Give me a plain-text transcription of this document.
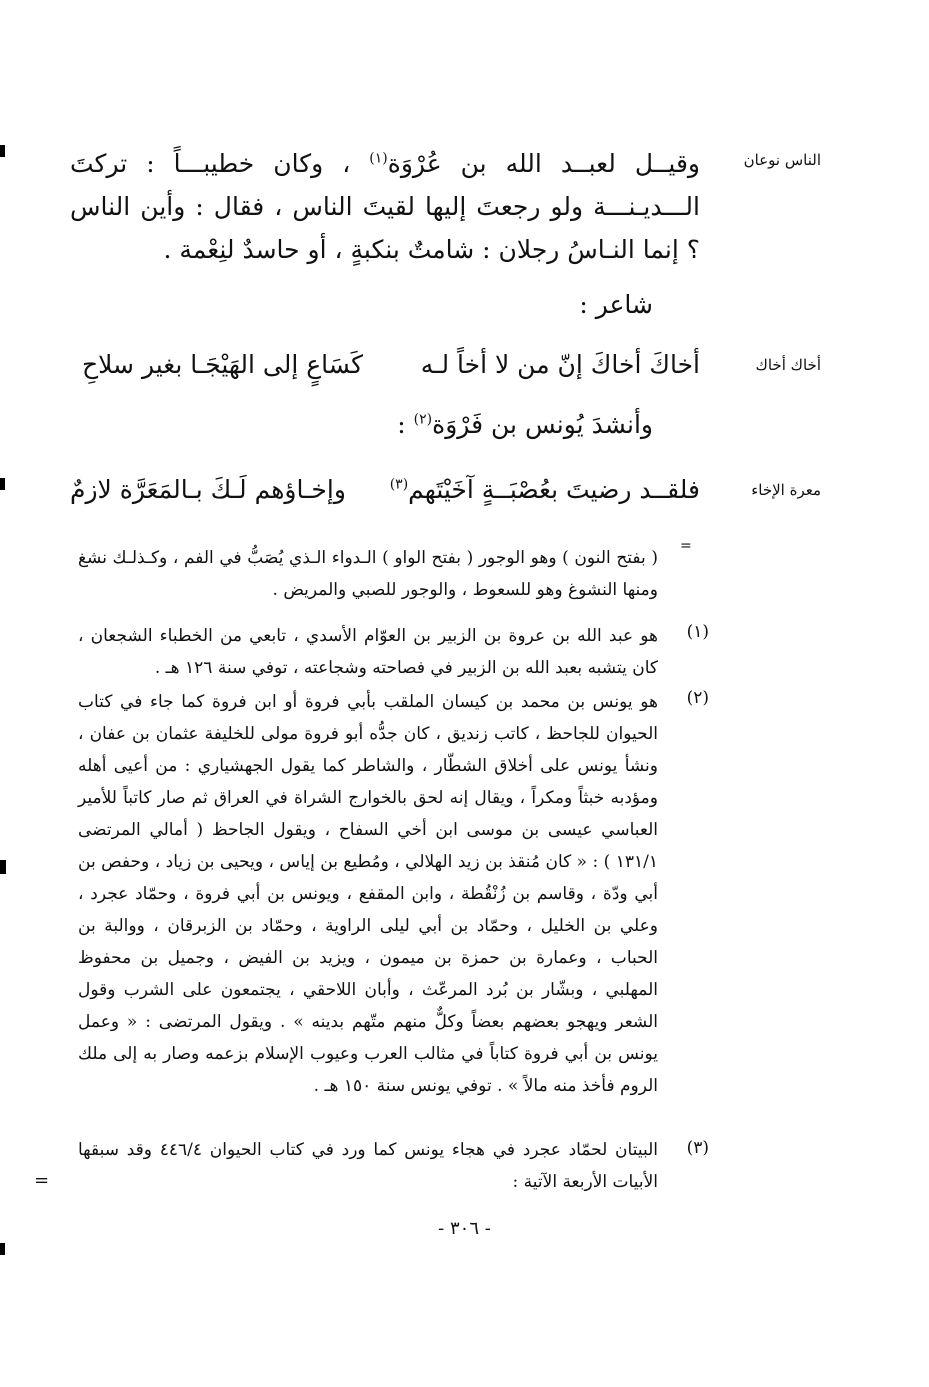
الناس نوعان
أخاك أخاك
معرة الإخاء

وقيــل لعبــد الله بن عُرْوَة$^{(١)}$ ، وكان خطيبـــاً : تركتَ الـــديـنـــة ولو رجعتَ إليها لقيتَ الناس ، فقال : وأين الناس ؟ إنما النـاسُ رجلان : شامتٌ بنكبةٍ ، أو حاسدٌ لنِعْمة .

شاعر :
أخاكَ أخاكَ إنّ من لا أخاً لـه
كَسَاعٍ إلى الهَيْجَـا بغير سلاحِ
وأنشدَ يُونس بن فَرْوَة$^{(٢)}$ :
فلقــد رضيتَ بعُصْبَــةٍ آخَيْتَهم$^{(٣)}$
وإخـاؤهم لَـكَ بـالمَعَرَّة لازمٌ
=
( بفتح النون ) وهو الوجور ( بفتح الواو ) الـدواء الـذي يُصَبُّ في الفم ، وكـذلـك نشغ ومنها النشوغ وهو للسعوط ، والوجور للصبي والمريض .
(١)
هو عبد الله بن عروة بن الزبير بن العوّام الأسدي ، تابعي من الخطباء الشجعان ، كان يتشبه بعبد الله بن الزبير في فصاحته وشجاعته ، توفي سنة ١٢٦ هـ .
(٢)
هو يونس بن محمد بن كيسان الملقب بأبي فروة أو ابن فروة كما جاء في كتاب الحيوان للجاحظ ، كاتب زنديق ، كان جدُّه أبو فروة مولى للخليفة عثمان بن عفان ، ونشأ يونس على أخلاق الشطّار ، والشاطر كما يقول الجهشياري : من أعيى أهله ومؤدبه خبثاً ومكراً ، ويقال إنه لحق بالخوارج الشراة في العراق ثم صار كاتباً للأمير العباسي عيسى بن موسى ابن أخي السفاح ، ويقول الجاحظ ( أمالي المرتضى ١٣١/١ ) : « كان مُنقذ بن زيد الهلالي ، ومُطيع بن إياس ، ويحيى بن زياد ، وحفص بن أبي ودّة ، وقاسم بن زُنْقُطة ، وابن المقفع ، ويونس بن أبي فروة ، وحمّاد عجرد ، وعلي بن الخليل ، وحمّاد بن أبي ليلى الراوية ، وحمّاد بن الزبرقان ، ووالبة بن الحباب ، وعمارة بن حمزة بن ميمون ، ويزيد بن الفيض ، وجميل بن محفوظ المهلبي ، وبشّار بن بُرد المرعّث ، وأبان اللاحقي ، يجتمعون على الشرب وقول الشعر ويهجو بعضهم بعضاً وكلٌّ منهم متّهم بدينه » . ويقول المرتضى : « وعمل يونس بن أبي فروة كتاباً في مثالب العرب وعيوب الإسلام بزعمه وصار به إلى ملك الروم فأخذ منه مالاً » . توفي يونس سنة ١٥٠ هـ .
(٣)
البيتان لحمّاد عجرد في هجاء يونس كما ورد في كتاب الحيوان ٤٤٦/٤ وقد سبقها الأبيات الأربعة الآتية :
- ٣٠٦ -
=
